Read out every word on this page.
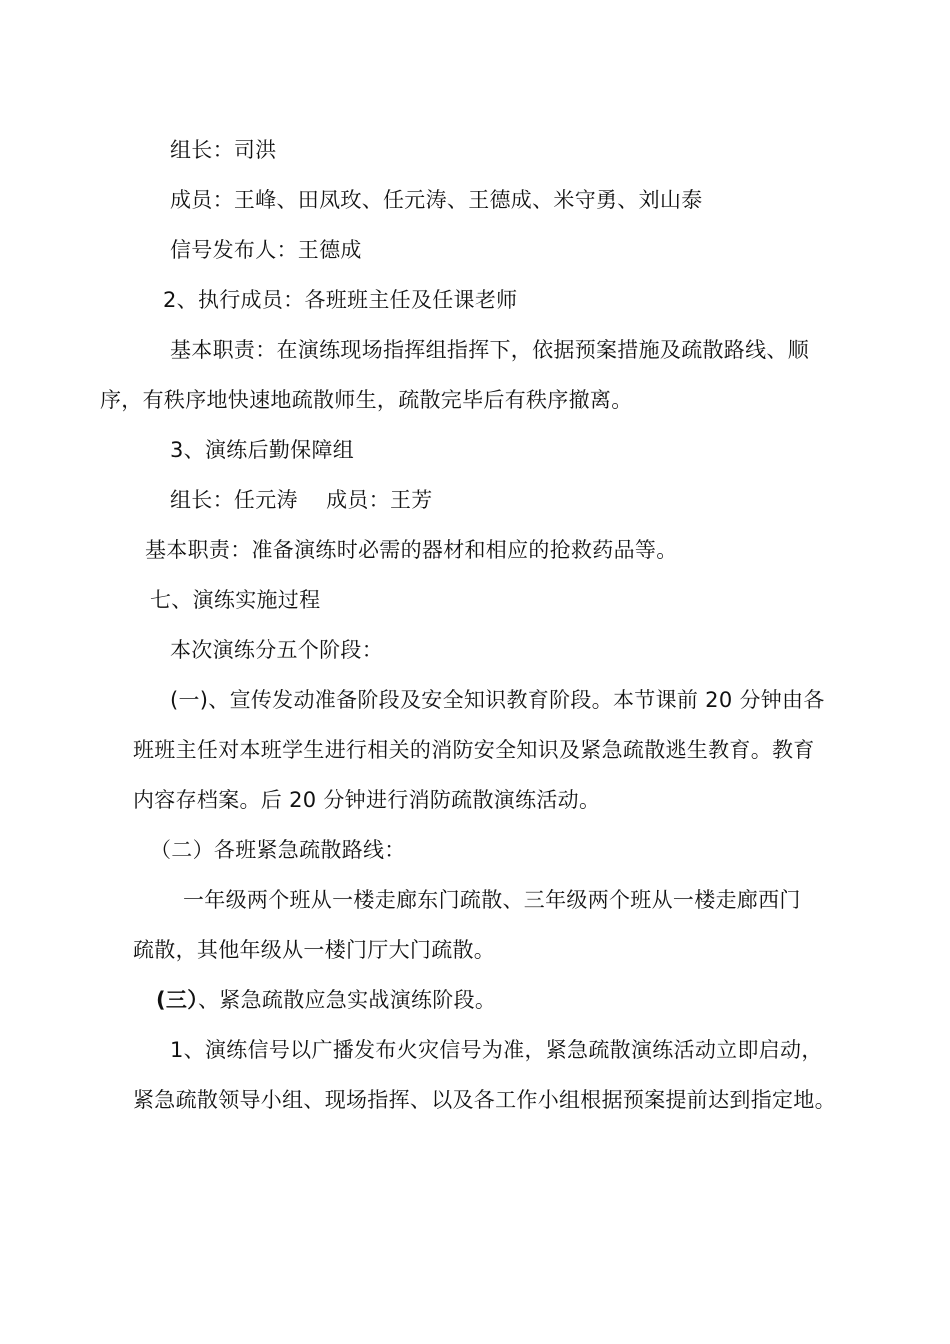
组长：司洪
成员：王峰、田凤玫、任元涛、王德成、米守勇、刘山泰
信号发布人：王德成
2、执行成员：各班班主任及任课老师
基本职责：在演练现场指挥组指挥下，依据预案措施及疏散路线、顺
序，有秩序地快速地疏散师生，疏散完毕后有秩序撤离。
3、演练后勤保障组
组长：任元涛　 成员：王芳
基本职责：准备演练时必需的器材和相应的抢救药品等。
七、演练实施过程
本次演练分五个阶段：
(一)、宣传发动准备阶段及安全知识教育阶段。本节课前 20 分钟由各
班班主任对本班学生进行相关的消防安全知识及紧急疏散逃生教育。教育
内容存档案。后 20 分钟进行消防疏散演练活动。
（二）各班紧急疏散路线：
一年级两个班从一楼走廊东门疏散、三年级两个班从一楼走廊西门
疏散，其他年级从一楼门厅大门疏散。
(三）、紧急疏散应急实战演练阶段。
1、演练信号以广播发布火灾信号为准，紧急疏散演练活动立即启动，
紧急疏散领导小组、现场指挥、以及各工作小组根据预案提前达到指定地。
